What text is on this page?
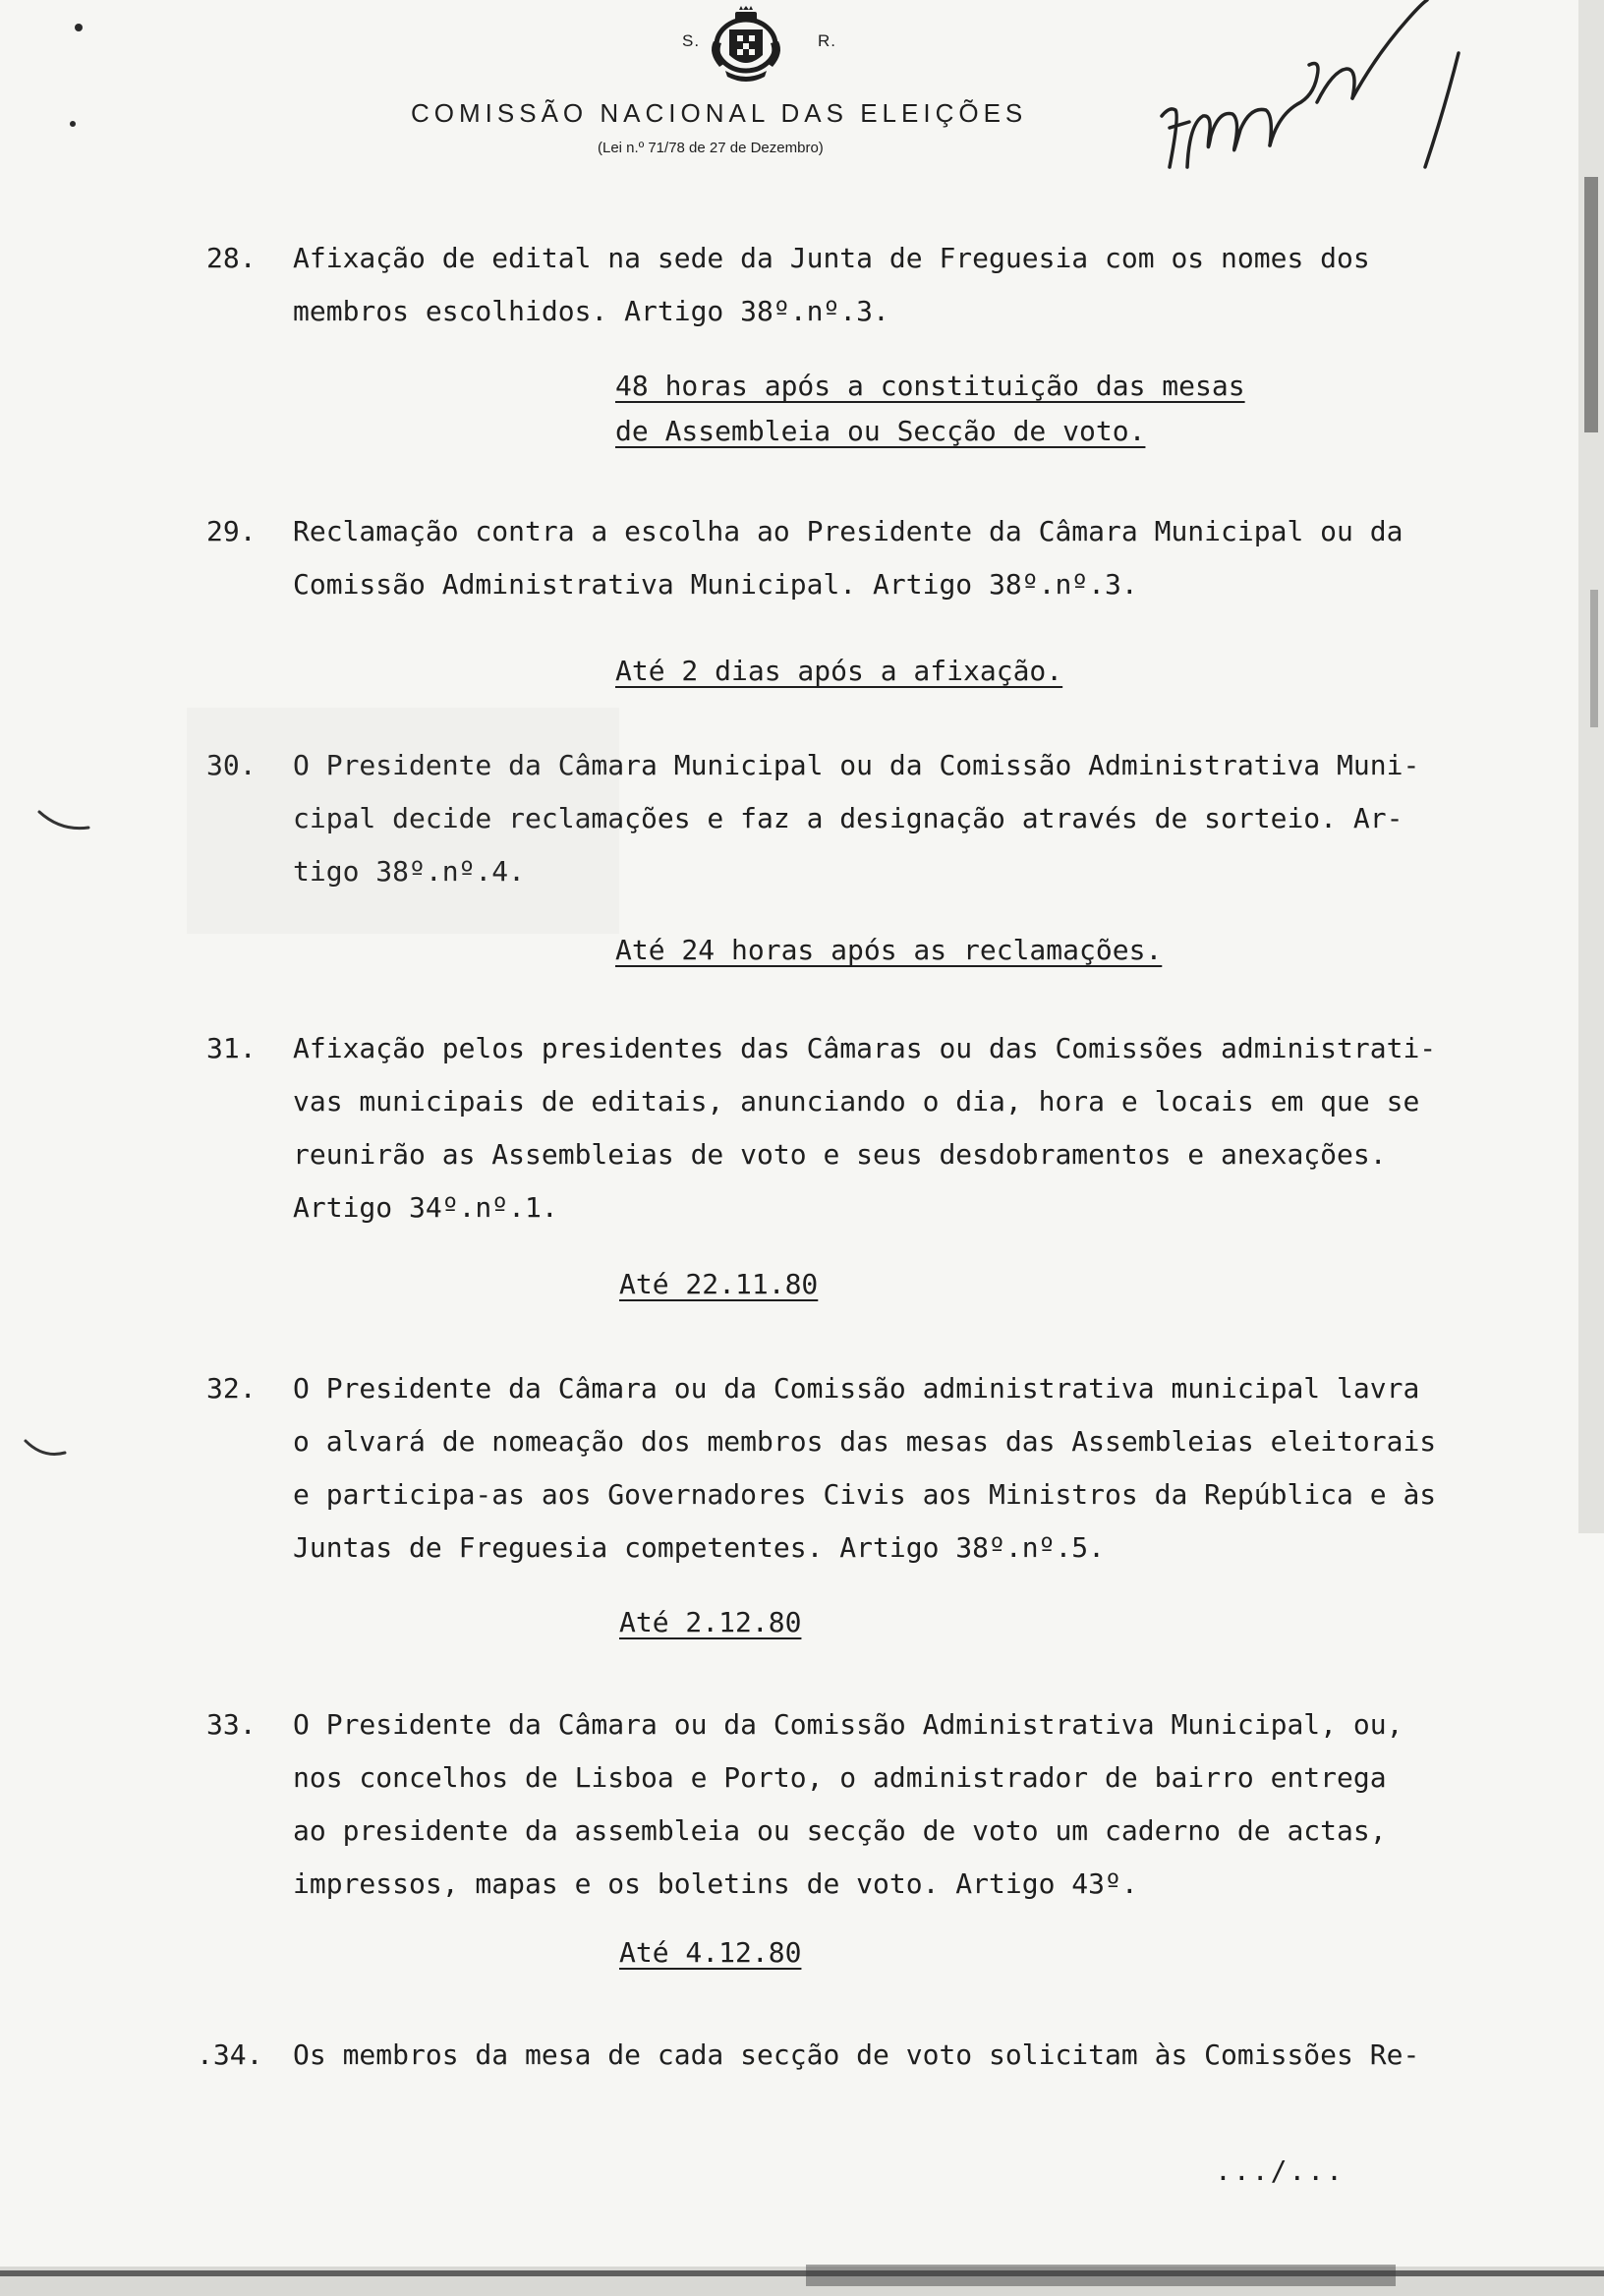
S.	R.
COMISSÃO NACIONAL DAS ELEIÇÕES
(Lei n.º 71/78 de 27 de Dezembro)
28.	Afixação de edital na sede da Junta de Freguesia com os nomes dos
membros escolhidos. Artigo 38º.nº.3.
48 horas após a constituição das mesas
de Assembleia ou Secção de voto.
29.	Reclamação contra a escolha ao Presidente da Câmara Municipal ou da
Comissão Administrativa Municipal. Artigo 38º.nº.3.
Até 2 dias após a afixação.
30.	O Presidente da Câmara Municipal ou da Comissão Administrativa Muni-
cipal decide reclamações e faz a designação através de sorteio. Ar-
tigo 38º.nº.4.
Até 24 horas após as reclamações.
31.	Afixação pelos presidentes das Câmaras ou das Comissões administrati-
vas municipais de editais, anunciando o dia, hora e locais em que se
reunirão as Assembleias de voto e seus desdobramentos e anexações.
Artigo 34º.nº.1.
Até 22.11.80
32.	O Presidente da Câmara ou da Comissão administrativa municipal lavra
o alvará de nomeação dos membros das mesas das Assembleias eleitorais
e participa-as aos Governadores Civis aos Ministros da República e às
Juntas de Freguesia competentes. Artigo 38º.nº.5.
Até 2.12.80
33.	O Presidente da Câmara ou da Comissão Administrativa Municipal, ou,
nos concelhos de Lisboa e Porto, o administrador de bairro entrega
ao presidente da assembleia ou secção de voto um caderno de actas,
impressos, mapas e os boletins de voto. Artigo 43º.
Até 4.12.80
.34.	Os membros da mesa de cada secção de voto solicitam às Comissões Re-
.../...
